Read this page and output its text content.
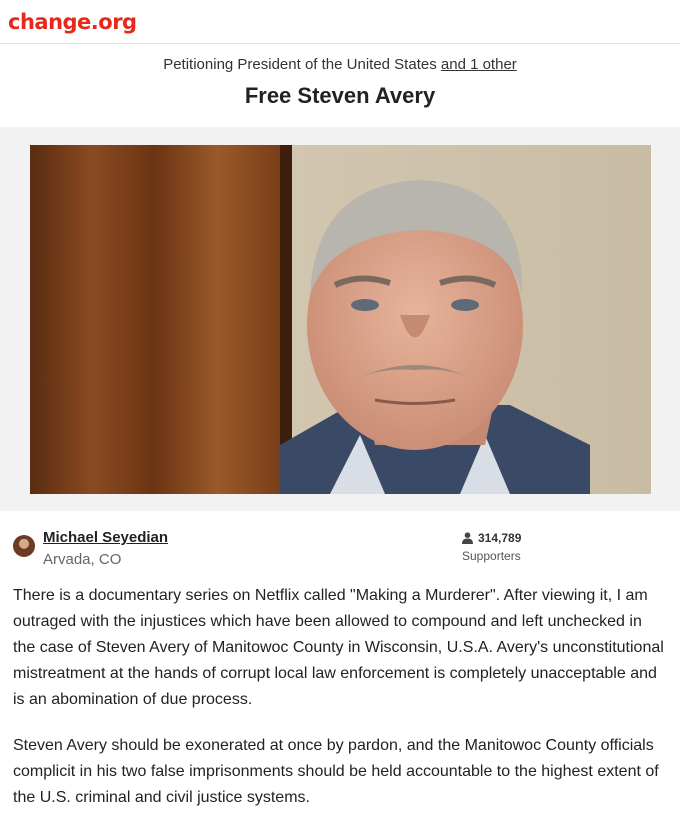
change.org
Petitioning President of the United States and 1 other
Free Steven Avery
Michael Seyedian
Arvada, CO
314,789
Supporters

There is a documentary series on Netflix called "Making a Murderer". After viewing it, I am outraged with the injustices which have been allowed to compound and left unchecked in the case of Steven Avery of Manitowoc County in Wisconsin, U.S.A. Avery's unconstitutional mistreatment at the hands of corrupt local law enforcement is completely unacceptable and is an abomination of due process.

Steven Avery should be exonerated at once by pardon, and the Manitowoc County officials complicit in his two false imprisonments should be held accountable to the highest extent of the U.S. criminal and civil justice systems.
